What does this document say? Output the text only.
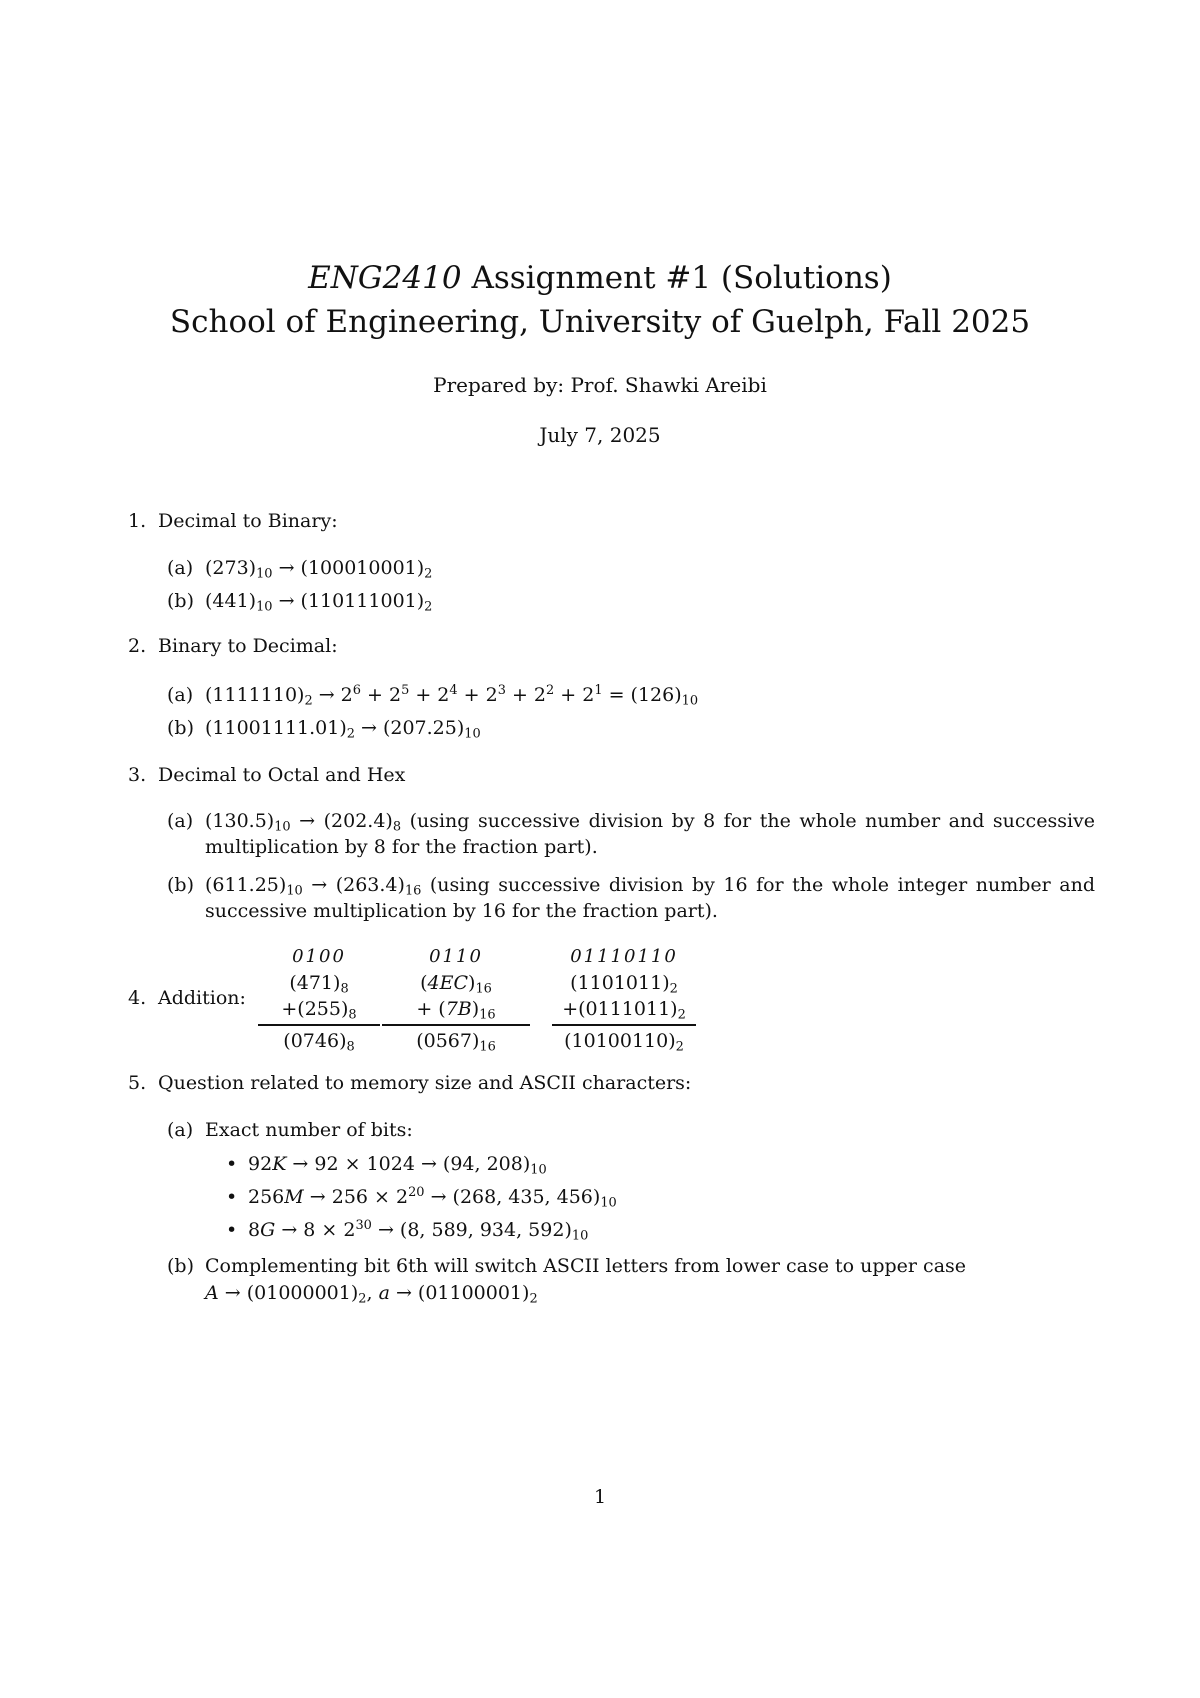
ENG2410 Assignment #1 (Solutions)
School of Engineering, University of Guelph, Fall 2025
Prepared by: Prof. Shawki Areibi
July 7, 2025
1. Decimal to Binary:
(a) $(273)_{10} \to (100010001)_2$
(b) $(441)_{10} \to (110111001)_2$
2. Binary to Decimal:
(a) $(1111110)_2 \to 2^6 + 2^5 + 2^4 + 2^3 + 2^2 + 2^1 = (126)_{10}$
(b) $(11001111.01)_2 \to (207.25)_{10}$
3. Decimal to Octal and Hex
(a) $(130.5)_{10} \to (202.4)_8$ (using successive division by 8 for the whole number and successive multiplication by 8 for the fraction part).
(b) $(611.25)_{10} \to (263.4)_{16}$ (using successive division by 16 for the whole integer number and successive multiplication by 16 for the fraction part).
4. Addition:
0100
$(471)_8$
$+(255)_8$
$(0746)_8$
0110
$(4EC)_{16}$
+ $(7B)_{16}$
$(0567)_{16}$
01110110
$(1101011)_2$
$+(0111011)_2$
$(10100110)_2$
5. Question related to memory size and ASCII characters:
(a) Exact number of bits:
• 92K → 92 × 1024 → (94, $208)_{10}$
• $256M \to 256 \times 2^{20} \to (268$, 435, $456)_{10}$
• $8G \to 8 \times 2^{30} \to (8$, 589, 934, $592)_{10}$
(b) Complementing bit 6th will switch ASCII letters from lower case to upper case
$A \to (01000001)_2$, $a \to (01100001)_2$
1
